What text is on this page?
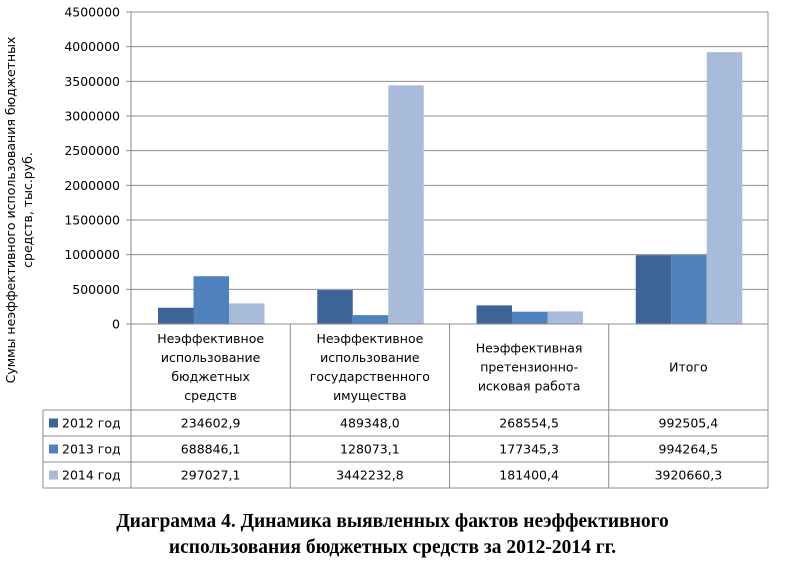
0
500000
1000000
1500000
2000000
2500000
3000000
3500000
4000000
4500000
Неэффективное использование бюджетных средств
Неэффективное использование государственного имущества
Неэффективная претензионно-исковая работа
Итого
2012 год	234602,9	489348,0	268554,5	992505,4
2013 год	688846,1	128073,1	177345,3	994264,5
2014 год	297027,1	3442232,8	181400,4	3920660,3
Суммы неэффективного использования бюджетных средств, тыс.руб.
Диаграмма 4. Динамика выявленных фактов неэффективного
использования бюджетных средств за 2012-2014 гг.
